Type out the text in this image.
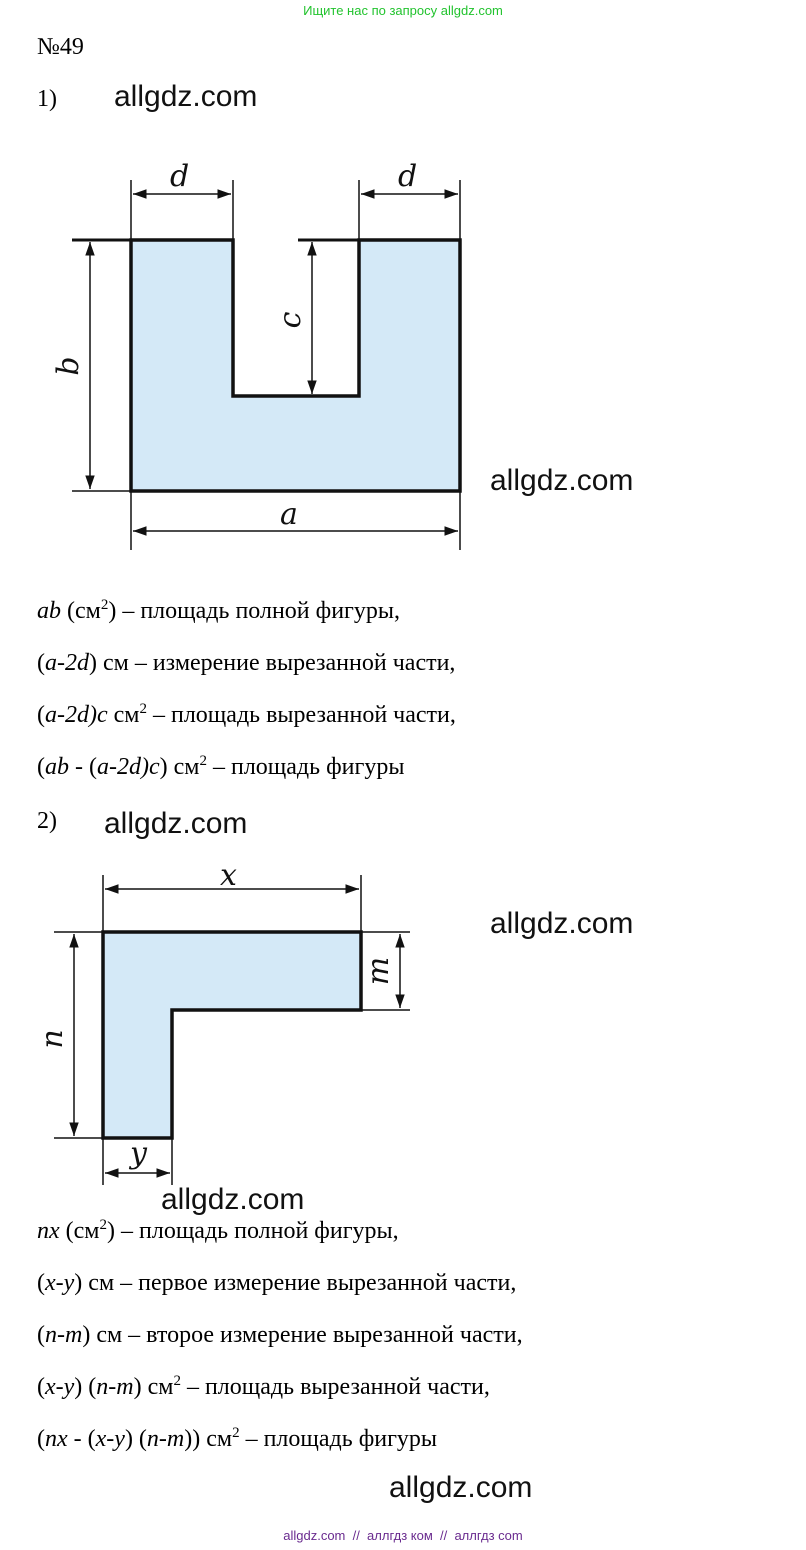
Ищите нас по запросу allgdz.com
№49
1) allgdz.com
d	d
b
c
a
allgdz.com
ab $(см^2)$ – площадь полной фигуры,
(a-2d) см – измерение вырезанной части,
(a-2d)c $см^2$ – площадь вырезанной части,
(ab - (a-2d)c) $см^2$ – площадь фигуры
2) allgdz.com
x
m
n
y
allgdz.com
allgdz.com
nx $(см^2)$ – площадь полной фигуры,
(x-y) см – первое измерение вырезанной части,
(n-m) см – второе измерение вырезанной части,
(x-y) (n-m) $см^2$ – площадь вырезанной части,
(nx - (x-y) (n-m)) $см^2$ – площадь фигуры
allgdz.com
allgdz.com  //  аллгдз ком  //  аллгдз com
